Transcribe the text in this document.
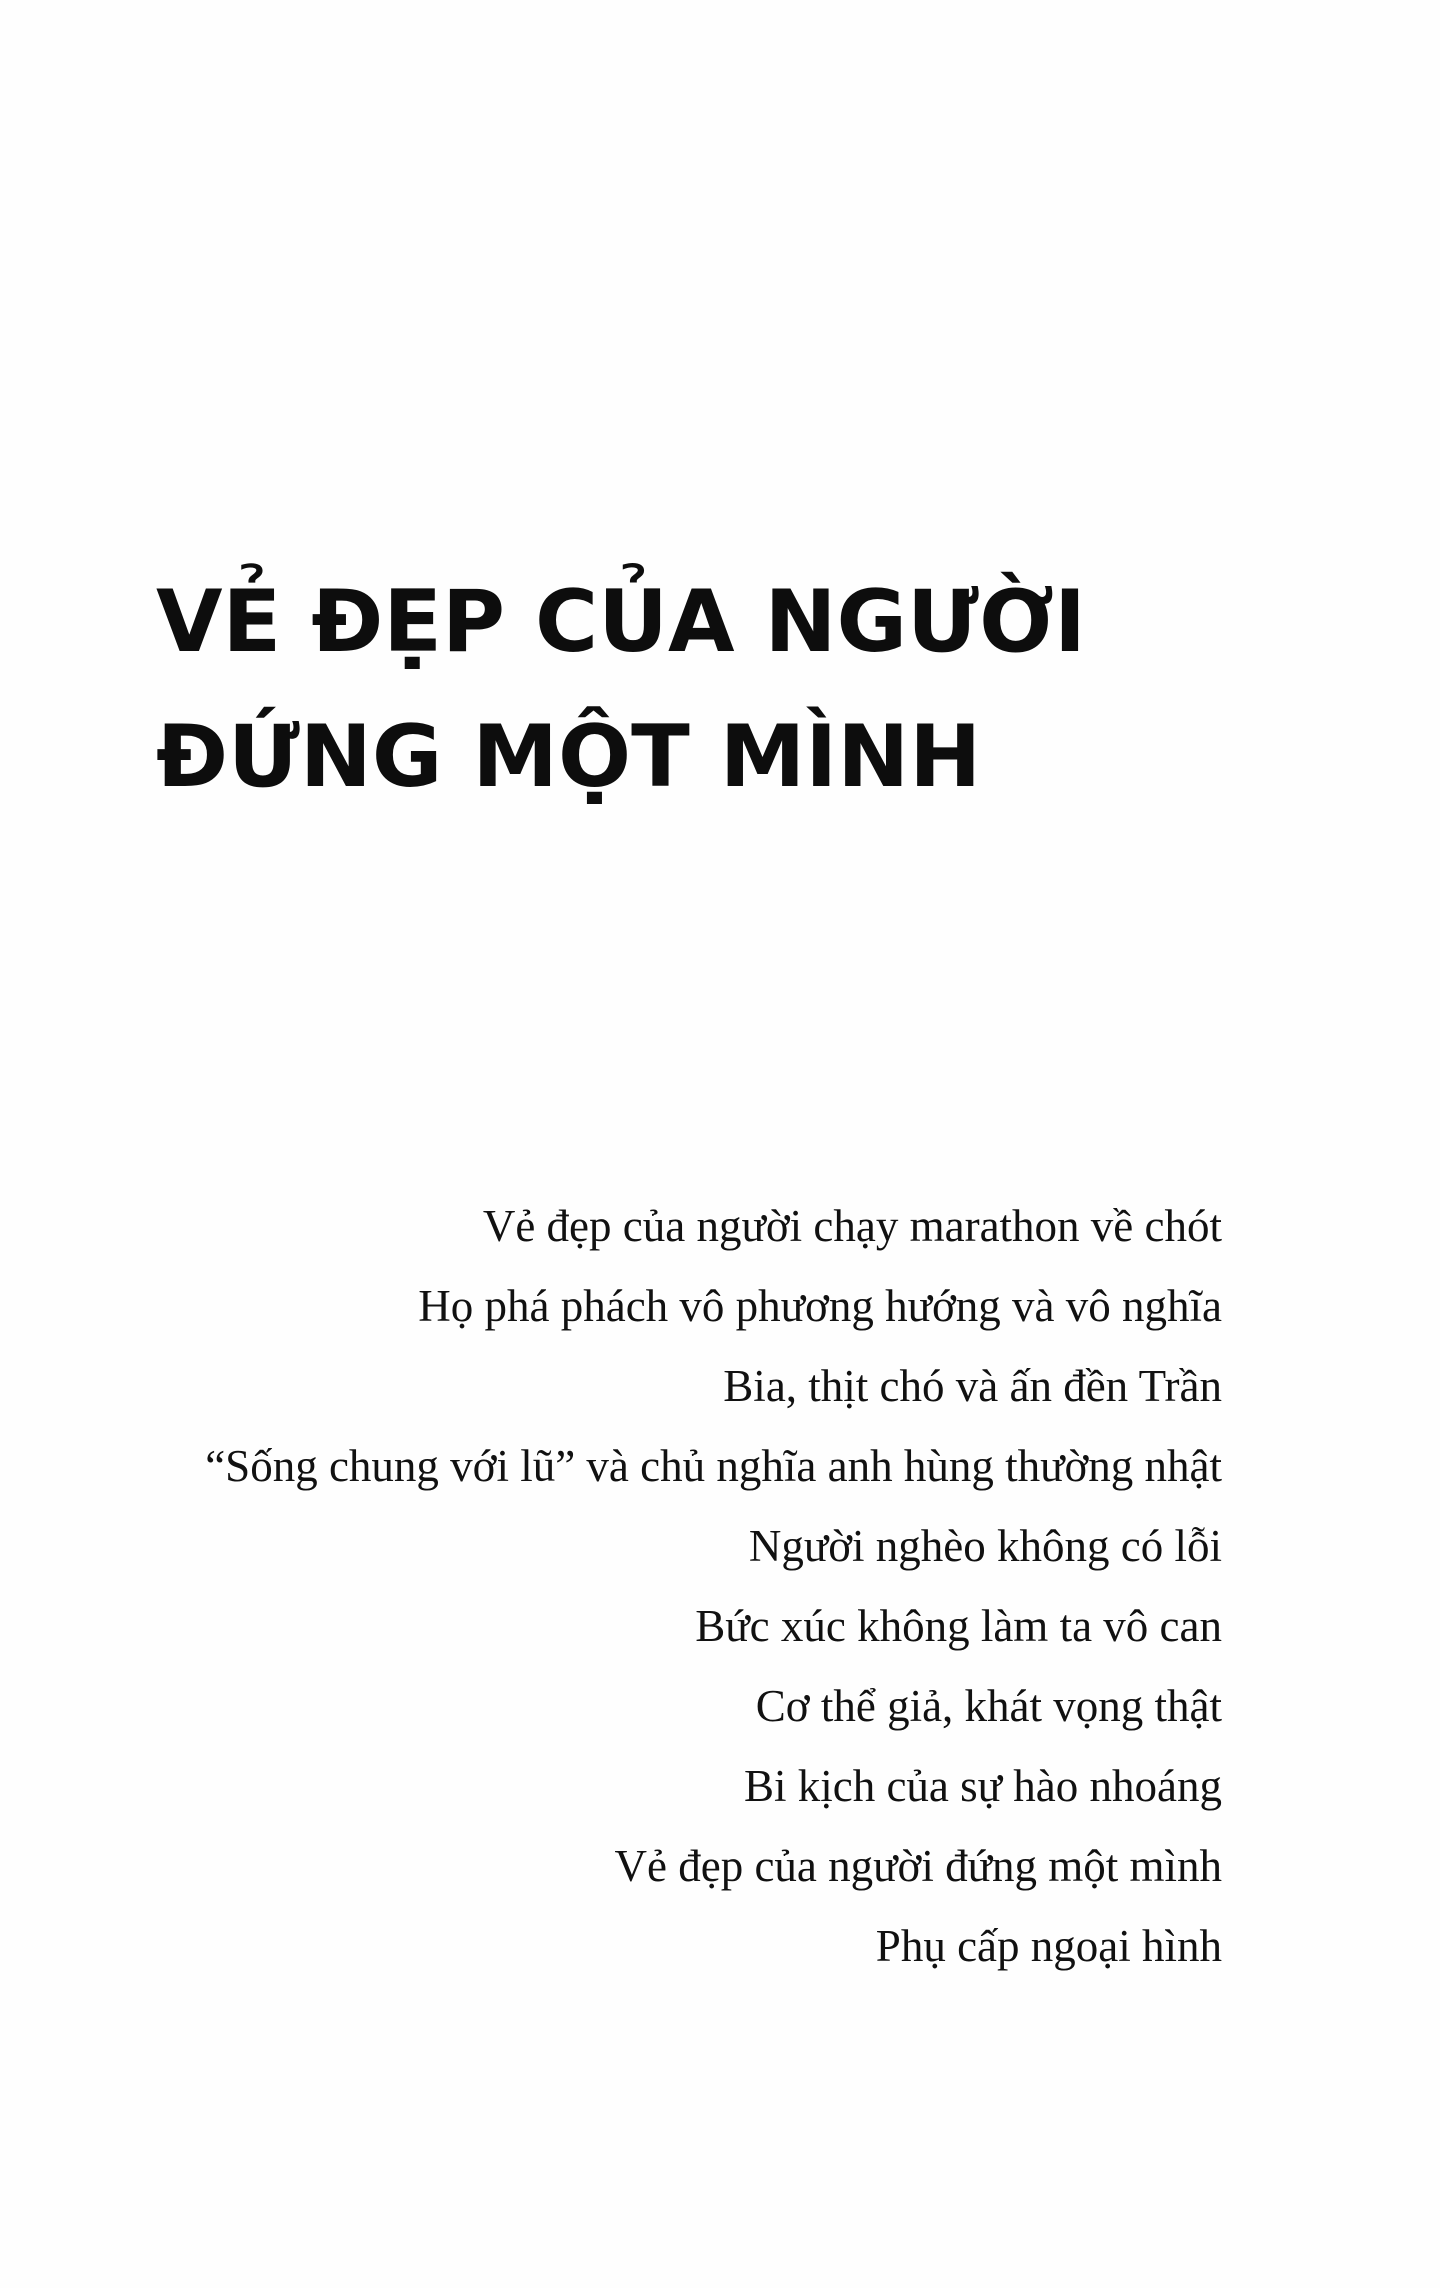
VẺ ĐẸP CỦA NGƯỜI
ĐỨNG MỘT MÌNH
Vẻ đẹp của người chạy marathon về chót
Họ phá phách vô phương hướng và vô nghĩa
Bia, thịt chó và ấn đền Trần
“Sống chung với lũ” và chủ nghĩa anh hùng thường nhật
Người nghèo không có lỗi
Bức xúc không làm ta vô can
Cơ thể giả, khát vọng thật
Bi kịch của sự hào nhoáng
Vẻ đẹp của người đứng một mình
Phụ cấp ngoại hình
